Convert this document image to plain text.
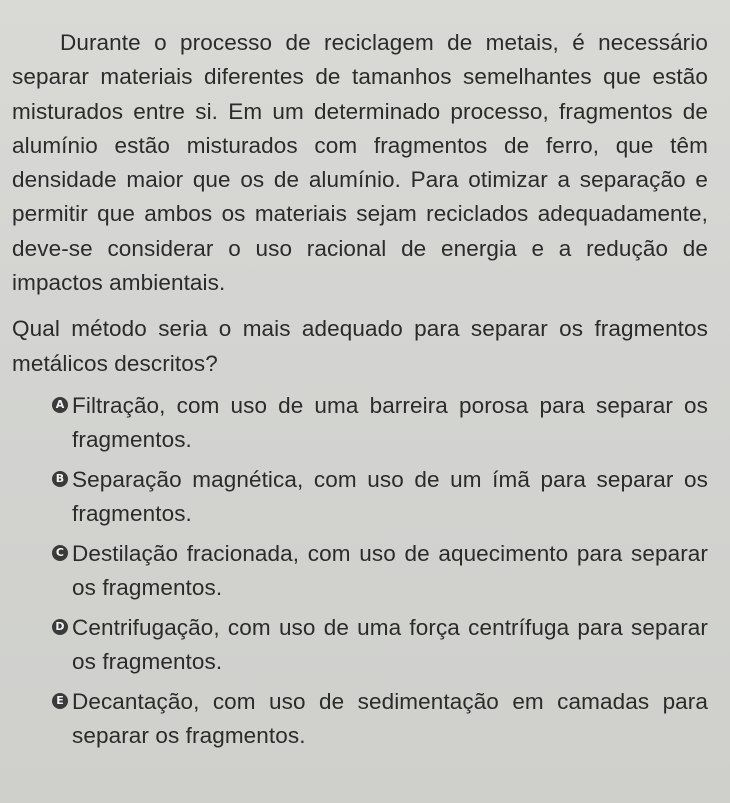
Durante o processo de reciclagem de metais, é necessário separar materiais diferentes de tamanhos semelhantes que estão misturados entre si. Em um determinado processo, fragmentos de alumínio estão misturados com fragmentos de ferro, que têm densidade maior que os de alumínio. Para otimizar a separação e permitir que ambos os materiais sejam reciclados adequadamente, deve-se considerar o uso racional de energia e a redução de impactos ambientais.

Qual método seria o mais adequado para separar os fragmentos metálicos descritos?

A Filtração, com uso de uma barreira porosa para separar os fragmentos.
B Separação magnética, com uso de um ímã para separar os fragmentos.
C Destilação fracionada, com uso de aquecimento para separar os fragmentos.
D Centrifugação, com uso de uma força centrífuga para separar os fragmentos.
E Decantação, com uso de sedimentação em camadas para separar os fragmentos.
